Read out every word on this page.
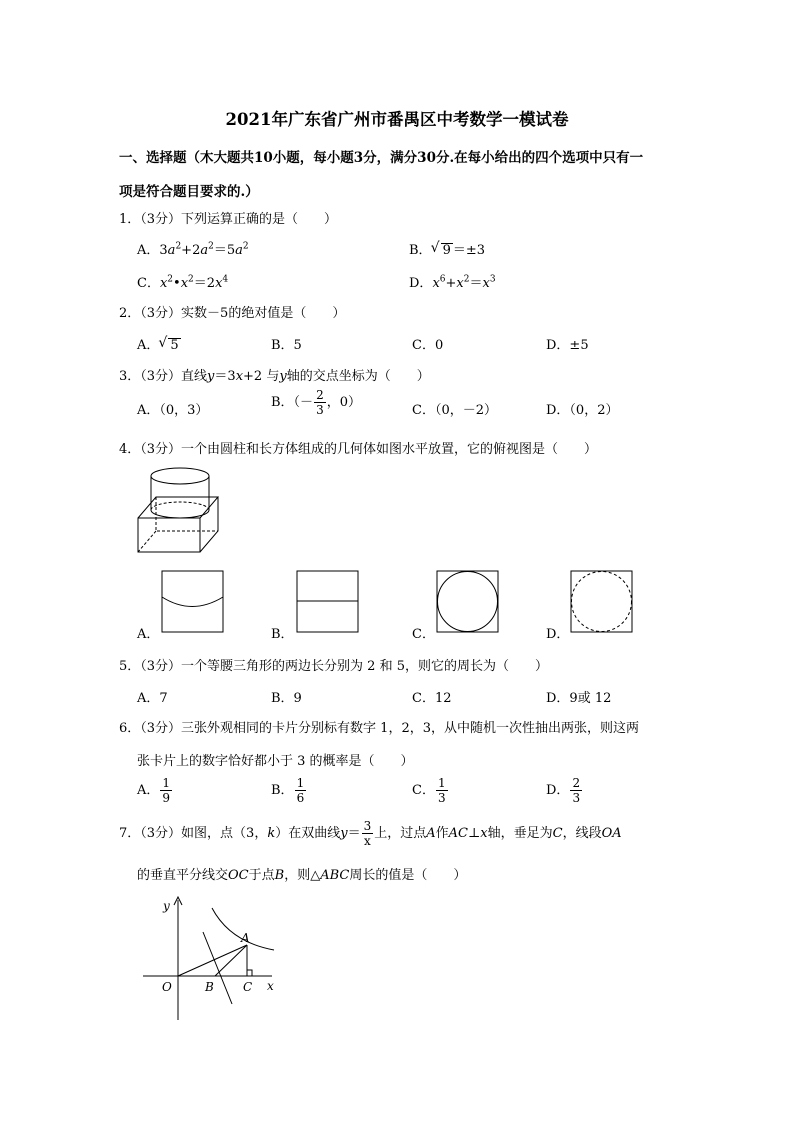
2021年广东省广州市番禺区中考数学一模试卷
一、选择题（木大题共10小题，每小题3分，满分30分.在每小给出的四个选项中只有一
项是符合题目要求的.）
1．（3分）下列运算正确的是（　　）
A．$3a^2+2a^2=5a^2$	B． √ 9 ＝±3
C．$x^2•x^2=2x^4$	D．$x^6+x^2=x^3$
2．（3分）实数－5的绝对值是（　　）
A． √ 5	B．5	C．0	D．±5
3．（3分）直线y＝3x+2 与y轴的交点坐标为（　　）
A．（0，3）
B．（－ $\frac{2}{3}$ ，0）
C．（0，－2）	D．（0，2）
4．（3分）一个由圆柱和长方体组成的几何体如图水平放置，它的俯视图是（　　）
A．	B．	C．	D．
5．（3分）一个等腰三角形的两边长分别为 2 和 5，则它的周长为（　　）
A．7	B．9	C．12	D．9或 12
6．（3分）三张外观相同的卡片分别标有数字 1，2，3，从中随机一次性抽出两张，则这两
张卡片上的数字恰好都小于 3 的概率是（　　）
A． $\frac{1}{9}$	B． $\frac{1}{6}$	C． $\frac{1}{3}$	D． $\frac{2}{3}$
7．（3分）如图，点（3，k）在双曲线$y= \frac{3}{x}$ 上，过点A作AC⊥x轴，垂足为C，线段OA
的垂直平分线交OC于点B，则△ABC周长的值是（　　）
y
x
O	B C
A
